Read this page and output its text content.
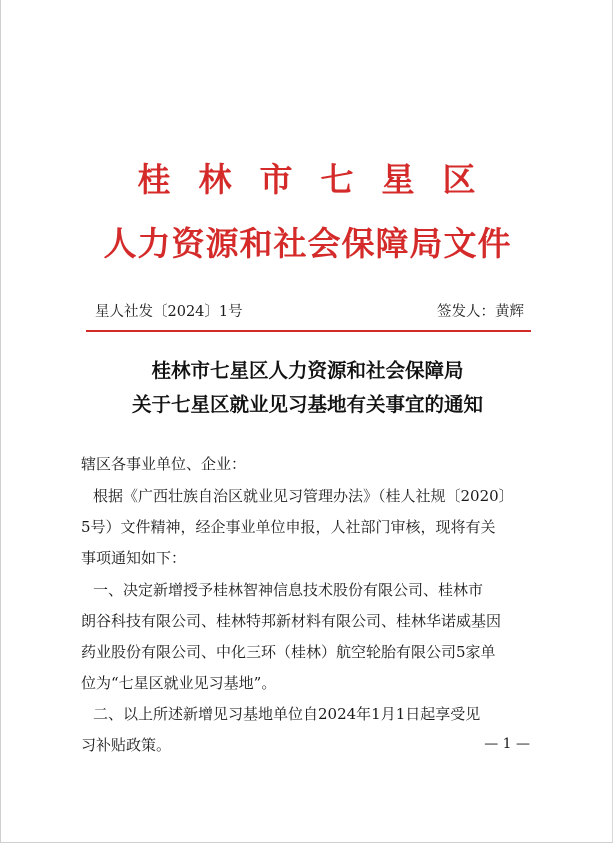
桂林市七星区
人力资源和社会保障局文件
星人社发〔2024〕1号	签发人：黄辉
桂林市七星区人力资源和社会保障局
关于七星区就业见习基地有关事宜的通知
辖区各事业单位、企业：
根据《广西壮族自治区就业见习管理办法》（桂人社规〔2020〕
5号）文件精神，经企事业单位申报，人社部门审核，现将有关
事项通知如下：
一、决定新增授予桂林智神信息技术股份有限公司、桂林市
朗谷科技有限公司、桂林特邦新材料有限公司、桂林华诺威基因
药业股份有限公司、中化三环（桂林）航空轮胎有限公司5家单
位为“七星区就业见习基地”。
二、以上所述新增见习基地单位自2024年1月1日起享受见
习补贴政策。	— 1 —
